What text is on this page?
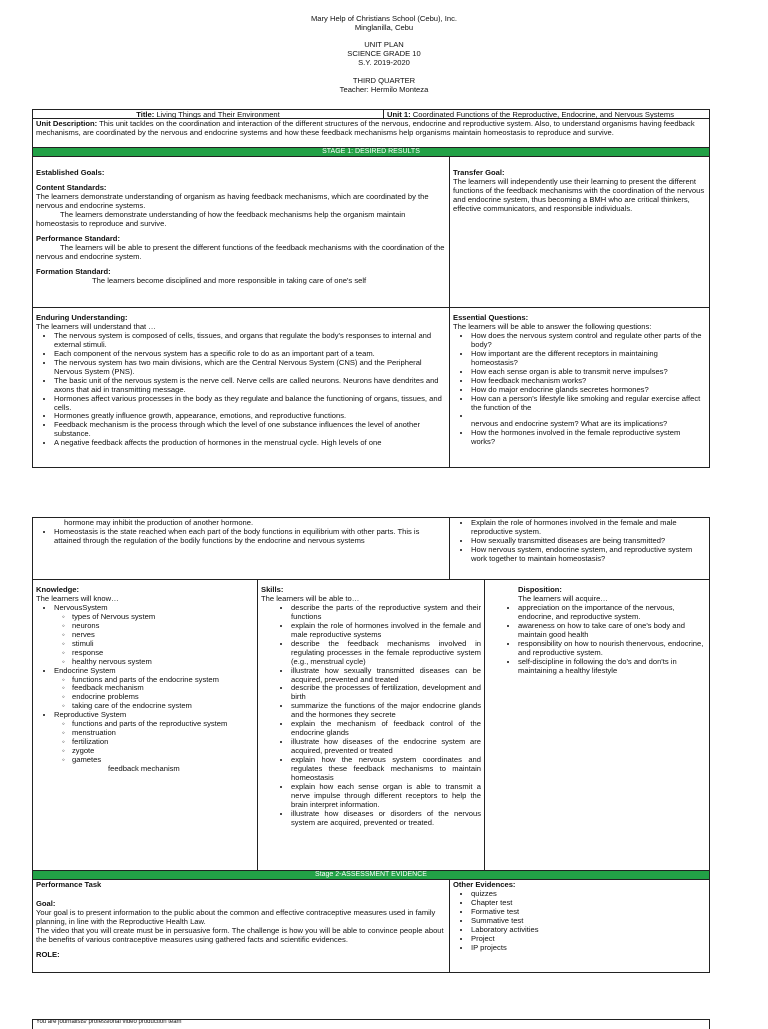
Mary Help of Christians School (Cebu), Inc.
Minglanilla, Cebu
UNIT PLAN
SCIENCE GRADE 10
S.Y. 2019-2020
THIRD QUARTER
Teacher: Hermilo Monteza
Title: Living Things and Their Environment	Unit 1: Coordinated Functions of the Reproductive, Endocrine, and Nervous Systems
Unit Description: This unit tackles on the coordination and interaction of the different structures of the nervous, endocrine and reproductive system. Also, to understand organisms having feedback mechanisms, are coordinated by the nervous and endocrine systems and how these feedback mechanisms help organisms maintain homeostasis to reproduce and survive.
STAGE 1: DESIRED RESULTS
Established Goals:
Content Standards:
The learners demonstrate understanding of organism as having feedback mechanisms, which are coordinated by the nervous and endocrine systems.
The learners demonstrate understanding of how the feedback mechanisms help the organism maintain homeostasis to reproduce and survive.
Performance Standard:
The learners will be able to present the different functions of the feedback mechanisms with the coordination of the nervous and endocrine system.
Formation Standard:
The learners become disciplined and more responsible in taking care of one's self
Transfer Goal:
The learners will independently use their learning to present the different functions of the feedback mechanisms with the coordination of the nervous and endocrine system, thus becoming a BMH who are critical thinkers, effective communicators, and responsible individuals.
Enduring Understanding:
The learners will understand that …
• The nervous system is composed of cells, tissues, and organs that regulate the body's responses to internal and external stimuli.
• Each component of the nervous system has a specific role to do as an important part of a team.
• The nervous system has two main divisions, which are the Central Nervous System (CNS) and the Peripheral Nervous System (PNS).
• The basic unit of the nervous system is the nerve cell. Nerve cells are called neurons. Neurons have dendrites and axons that aid in transmitting message.
• Hormones affect various processes in the body as they regulate and balance the functioning of organs, tissues, and cells.
• Hormones greatly influence growth, appearance, emotions, and reproductive functions.
• Feedback mechanism is the process through which the level of one substance influences the level of another substance.
• A negative feedback affects the production of hormones in the menstrual cycle. High levels of one
Essential Questions:
The learners will be able to answer the following questions:
• How does the nervous system control and regulate other parts of the body?
• How important are the different receptors in maintaining homeostasis?
• How each sense organ is able to transmit nerve impulses?
• How feedback mechanism works?
• How do major endocrine glands secretes hormones?
• How can a person's lifestyle like smoking and regular exercise affect the function of the
•
nervous and endocrine system? What are its implications?
• How the hormones involved in the female reproductive system works?
hormone may inhibit the production of another hormone.
• Homeostasis is the state reached when each part of the body functions in equilibrium with other parts. This is attained through the regulation of the bodily functions by the endocrine and nervous systems
• Explain the role of hormones involved in the female and male reproductive system.
• How sexually transmitted diseases are being transmitted?
• How nervous system, endocrine system, and reproductive system work together to maintain homeostasis?
Knowledge:
The learners will know…
• NervousSystem
◦ types of Nervous system
◦ neurons
◦ nerves
◦ stimuli
◦ response
◦ healthy nervous system
• Endocrine System
◦ functions and parts of the endocrine system
◦ feedback mechanism
◦ endocrine problems
◦ taking care of the endocrine system
• Reproductive System
◦ functions and parts of the reproductive system
◦ menstruation
◦ fertilization
◦ zygote
◦ gametes
feedback mechanism
Skills:
The learners will be able to…
• describe the parts of the reproductive system and their functions
• explain the role of hormones involved in the female and male reproductive systems
• describe the feedback mechanisms involved in regulating processes in the female reproductive system (e.g., menstrual cycle)
• illustrate how sexually transmitted diseases can be acquired, prevented and treated
• describe the processes of fertilization, development and birth
• summarize the functions of the major endocrine glands and the hormones they secrete
• explain the mechanism of feedback control of the endocrine glands
• illustrate how diseases of the endocrine system are acquired, prevented or treated
• explain how the nervous system coordinates and regulates these feedback mechanisms to maintain homeostasis
• explain how each sense organ is able to transmit a nerve impulse through different receptors to help the brain interpret information.
• illustrate how diseases or disorders of the nervous system are acquired, prevented or treated.
Disposition:
The learners will acquire…
• appreciation on the importance of the nervous, endocrine, and reproductive system.
• awareness on how to take care of one's body and maintain good health
• responsibility on how to nourish thenervous, endocrine, and reproductive system.
• self-discipline in following the do's and don'ts in maintaining a healthy lifestyle
Stage 2-ASSESSMENT EVIDENCE
Performance Task
Goal:
Your goal is to present information to the public about the common and effective contraceptive measures used in family planning, in line with the Reproductive Health Law.
The video that you will create must be in persuasive form. The challenge is how you will be able to convince people about the benefits of various contraceptive measures using gathered facts and scientific evidences.
ROLE:
Other Evidences:
• quizzes
• Chapter test
• Formative test
• Summative test
• Laboratory activities
• Project
• IP projects
You are journalists/ professional video production team
